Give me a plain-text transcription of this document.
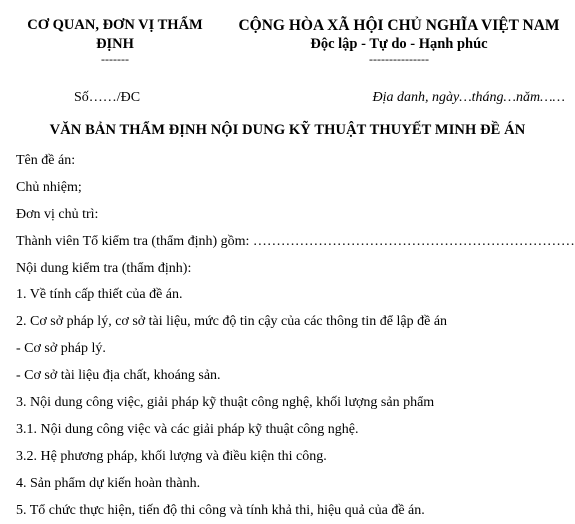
CƠ QUAN, ĐƠN VỊ THẨM
ĐỊNH
-------
CỘNG HÒA XÃ HỘI CHỦ NGHĨA VIỆT NAM
Độc lập - Tự do - Hạnh phúc
---------------
Số……/ĐC	Địa danh, ngày…tháng…năm……
VĂN BẢN THẨM ĐỊNH NỘI DUNG KỸ THUẬT THUYẾT MINH ĐỀ ÁN
Tên đề án:
Chủ nhiệm;
Đơn vị chủ trì:
Thành viên Tổ kiểm tra (thẩm định) gồm: ……………………………………………………………
Nội dung kiểm tra (thẩm định):
1. Về tính cấp thiết của đề án.
2. Cơ sở pháp lý, cơ sở tài liệu, mức độ tin cậy của các thông tin để lập đề án
- Cơ sở pháp lý.
- Cơ sở tài liệu địa chất, khoáng sản.
3. Nội dung công việc, giải pháp kỹ thuật công nghệ, khối lượng sản phẩm
3.1. Nội dung công việc và các giải pháp kỹ thuật công nghệ.
3.2. Hệ phương pháp, khối lượng và điều kiện thi công.
4. Sản phẩm dự kiến hoàn thành.
5. Tổ chức thực hiện, tiến độ thi công và tính khả thi, hiệu quả của đề án.
